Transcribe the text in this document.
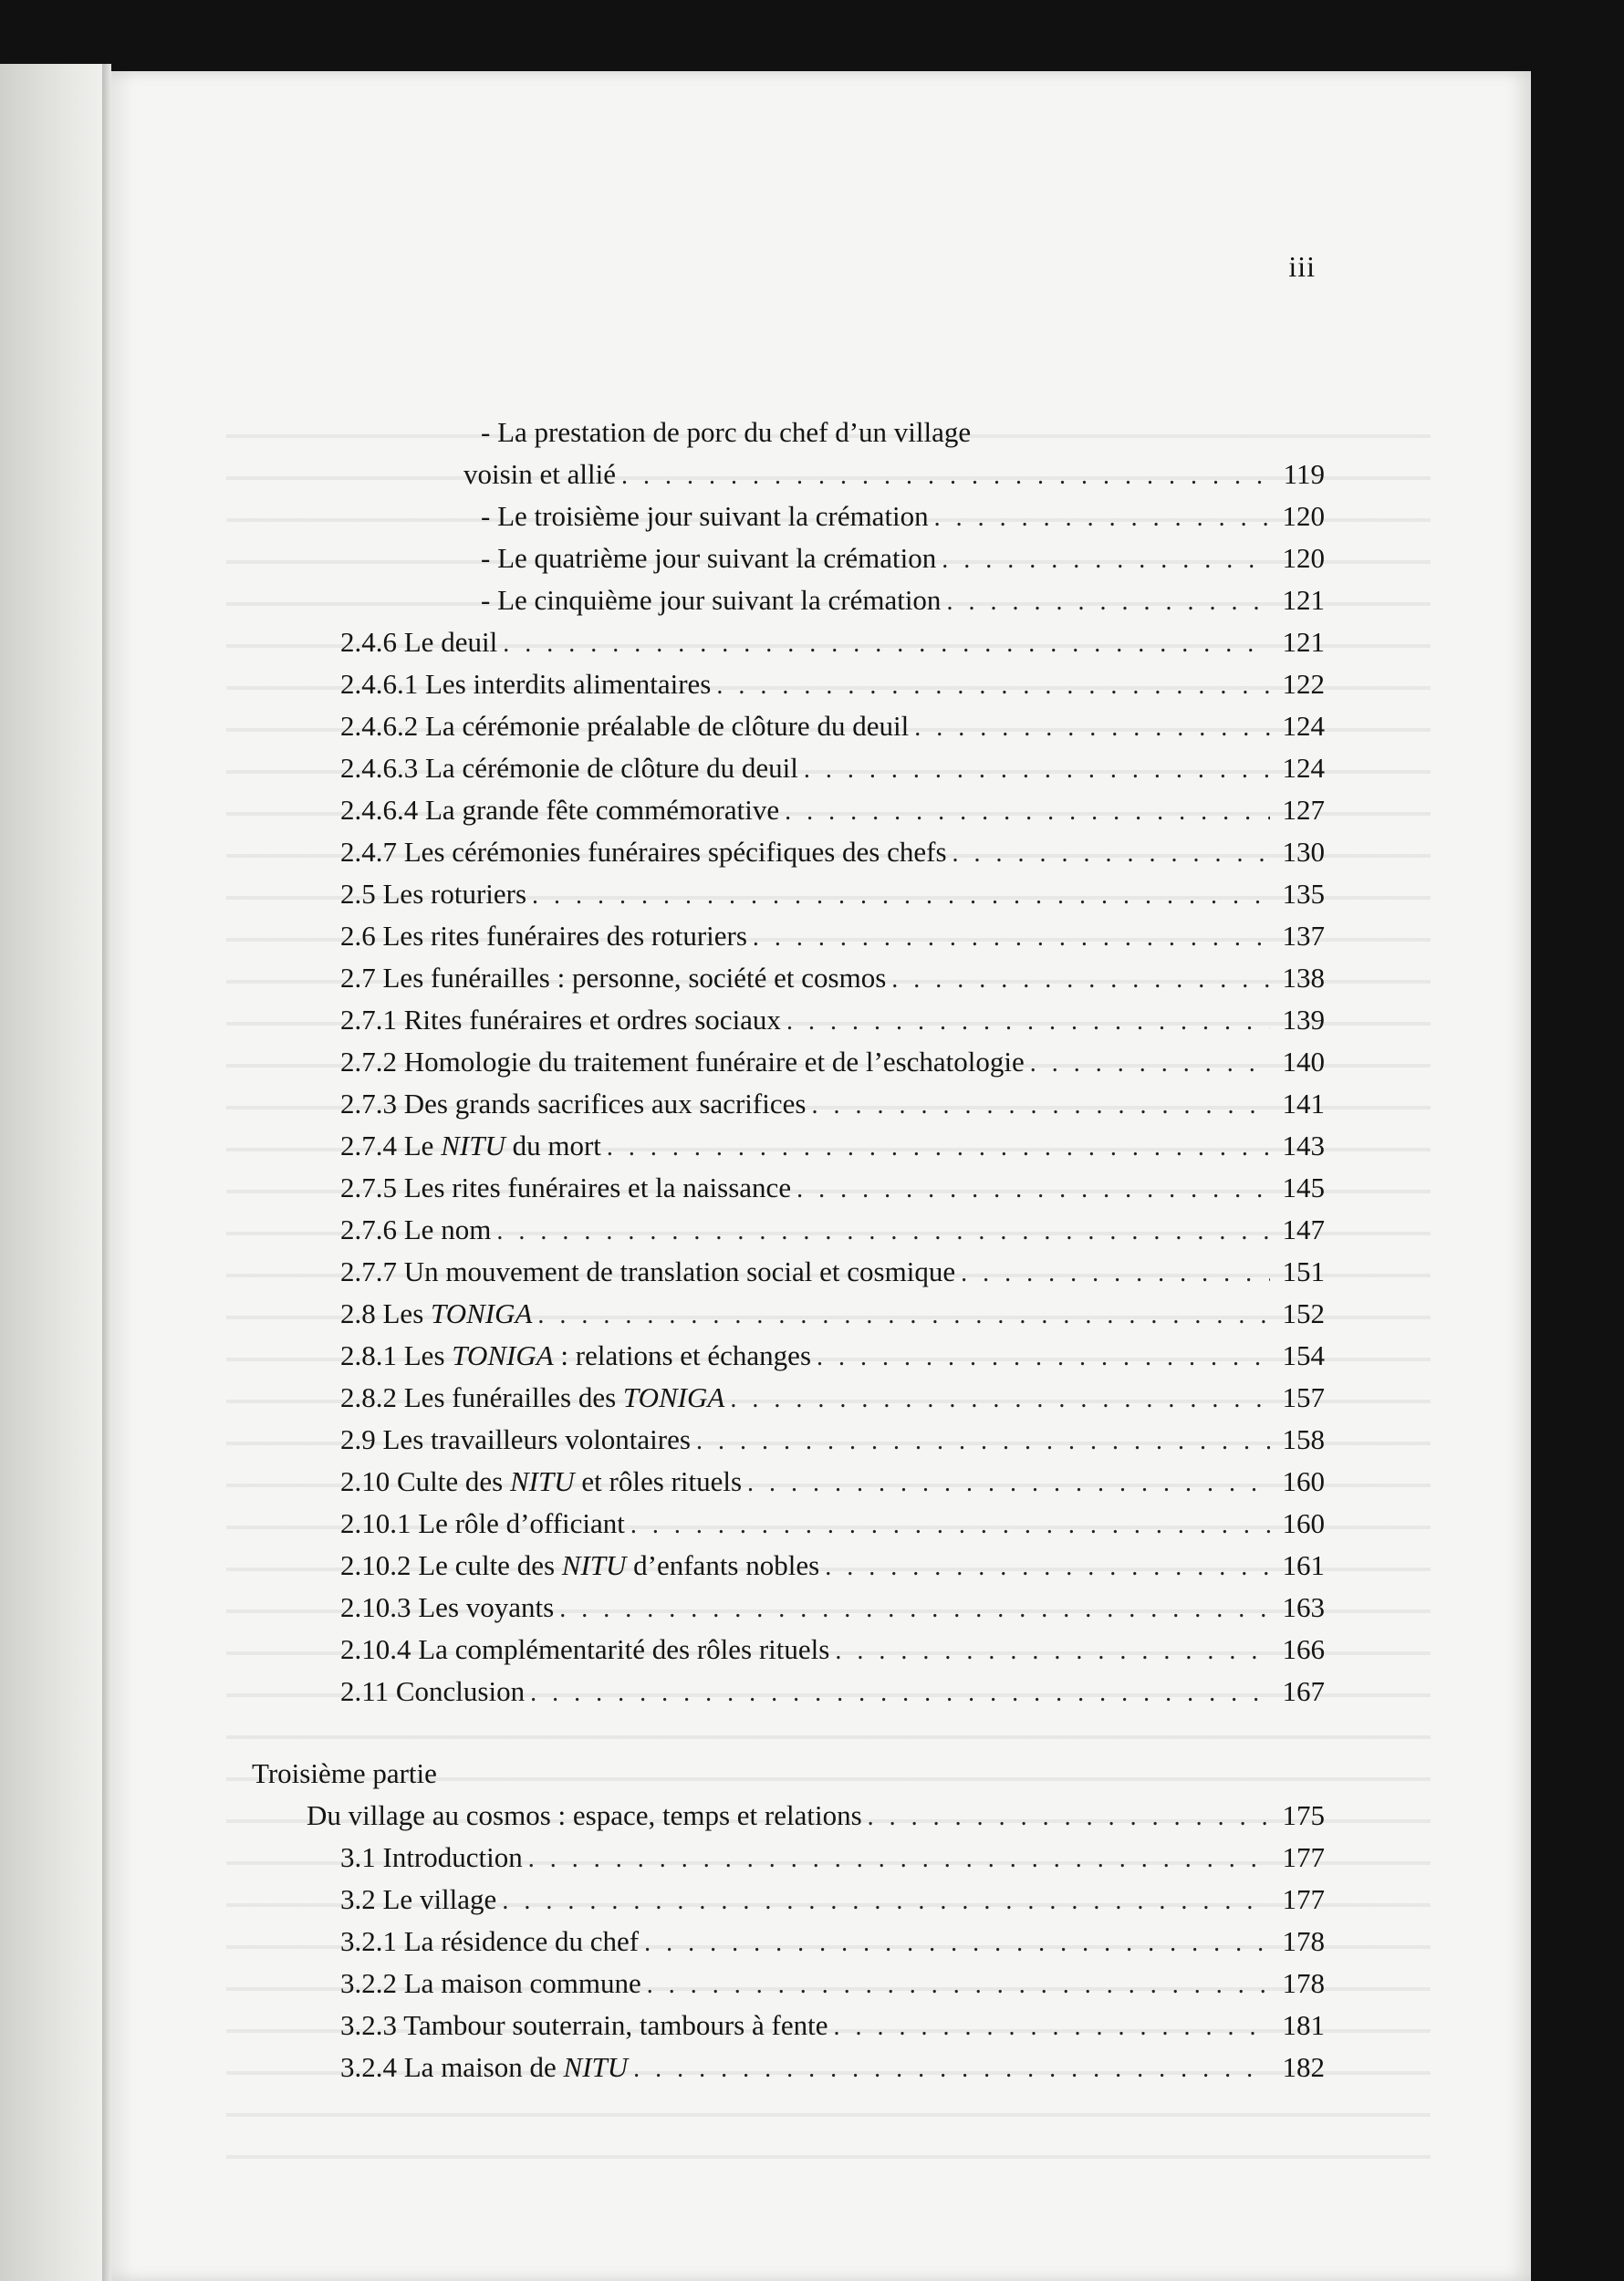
iii
- La prestation de porc du chef d’un village
voisin et allié . . .	119
- Le troisième jour suivant la crémation . . .	120
- Le quatrième jour suivant la crémation . . .	120
- Le cinquième jour suivant la crémation . . .	121
2.4.6 Le deuil . . .	121
2.4.6.1 Les interdits alimentaires . . .	122
2.4.6.2 La cérémonie préalable de clôture du deuil . . .	124
2.4.6.3 La cérémonie de clôture du deuil . . .	124
2.4.6.4 La grande fête commémorative . . .	127
2.4.7 Les cérémonies funéraires spécifiques des chefs . . .	130
2.5 Les roturiers . . .	135
2.6 Les rites funéraires des roturiers . . .	137
2.7 Les funérailles : personne, société et cosmos . . .	138
2.7.1 Rites funéraires et ordres sociaux . . .	139
2.7.2 Homologie du traitement funéraire et de l’eschatologie . . .	140
2.7.3 Des grands sacrifices aux sacrifices . . .	141
2.7.4 Le NITU du mort . . .	143
2.7.5 Les rites funéraires et la naissance . . .	145
2.7.6 Le nom . . .	147
2.7.7 Un mouvement de translation social et cosmique . . .	151
2.8 Les TONIGA . . .	152
2.8.1 Les TONIGA : relations et échanges . . .	154
2.8.2 Les funérailles des TONIGA . . .	157
2.9 Les travailleurs volontaires . . .	158
2.10 Culte des NITU et rôles rituels . . .	160
2.10.1 Le rôle d’officiant . . .	160
2.10.2 Le culte des NITU d’enfants nobles . . .	161
2.10.3 Les voyants . . .	163
2.10.4 La complémentarité des rôles rituels . . .	166
2.11 Conclusion . . .	167
Troisième partie
Du village au cosmos : espace, temps et relations . . .	175
3.1 Introduction . . .	177
3.2 Le village . . .	177
3.2.1 La résidence du chef . . .	178
3.2.2 La maison commune . . .	178
3.2.3 Tambour souterrain, tambours à fente . . .	181
3.2.4 La maison de NITU . . .	182
